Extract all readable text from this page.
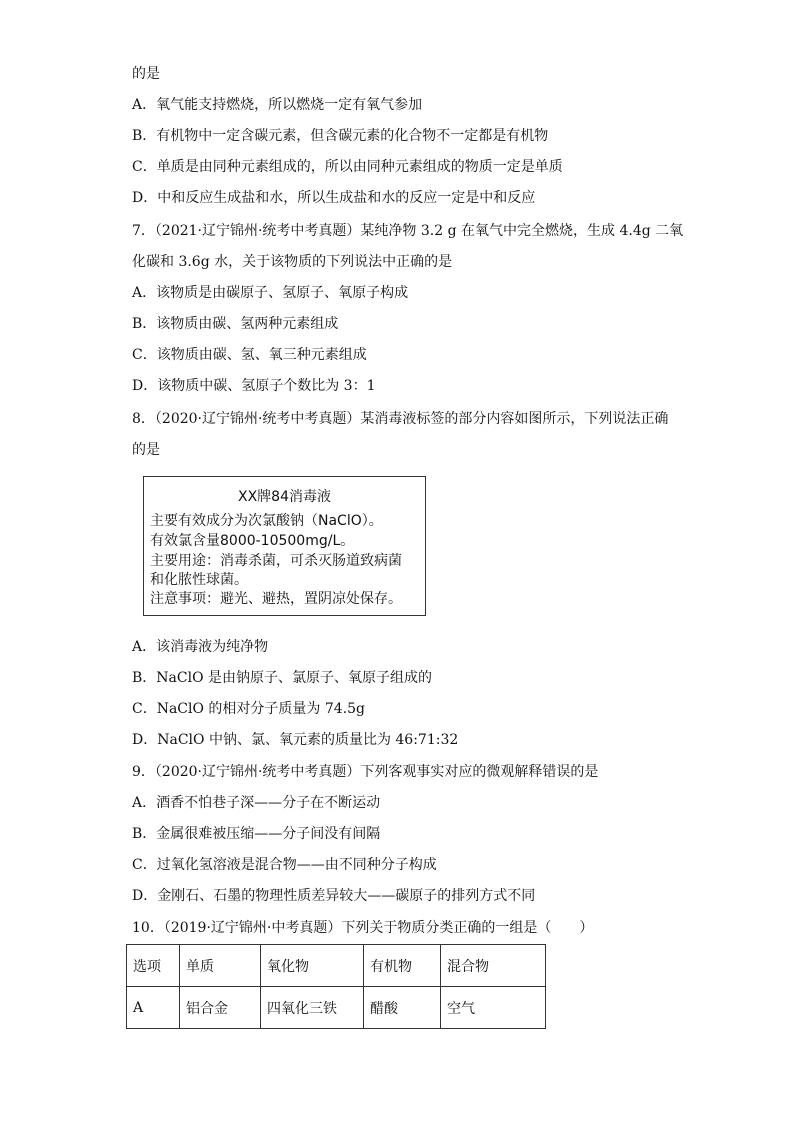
的是
A．氧气能支持燃烧，所以燃烧一定有氧气参加
B．有机物中一定含碳元素，但含碳元素的化合物不一定都是有机物
C．单质是由同种元素组成的，所以由同种元素组成的物质一定是单质
D．中和反应生成盐和水，所以生成盐和水的反应一定是中和反应
7．（2021·辽宁锦州·统考中考真题）某纯净物 3.2 g 在氧气中完全燃烧，生成 4.4g 二氧
化碳和 3.6g 水，关于该物质的下列说法中正确的是
A．该物质是由碳原子、氢原子、氧原子构成
B．该物质由碳、氢两种元素组成
C．该物质由碳、氢、氧三种元素组成
D．该物质中碳、氢原子个数比为 3：1
8．（2020·辽宁锦州·统考中考真题）某消毒液标签的部分内容如图所示，下列说法正确
的是
XX牌84消毒液
主要有效成分为次氯酸钠（NaClO）。
有效氯含量8000-10500mg/L。
主要用途：消毒杀菌，可杀灭肠道致病菌
和化脓性球菌。
注意事项：避光、避热，置阴凉处保存。
A．该消毒液为纯净物
B．NaClO 是由钠原子、氯原子、氧原子组成的
C．NaClO 的相对分子质量为 74.5g
D．NaClO 中钠、氯、氧元素的质量比为 46:71:32
9．（2020·辽宁锦州·统考中考真题）下列客观事实对应的微观解释错误的是
A．酒香不怕巷子深——分子在不断运动
B．金属很难被压缩——分子间没有间隔
C．过氧化氢溶液是混合物——由不同种分子构成
D．金刚石、石墨的物理性质差异较大——碳原子的排列方式不同
10．（2019·辽宁锦州·中考真题）下列关于物质分类正确的一组是（　　）
选项	单质	氧化物	有机物	混合物
A	铝合金	四氧化三铁	醋酸	空气
